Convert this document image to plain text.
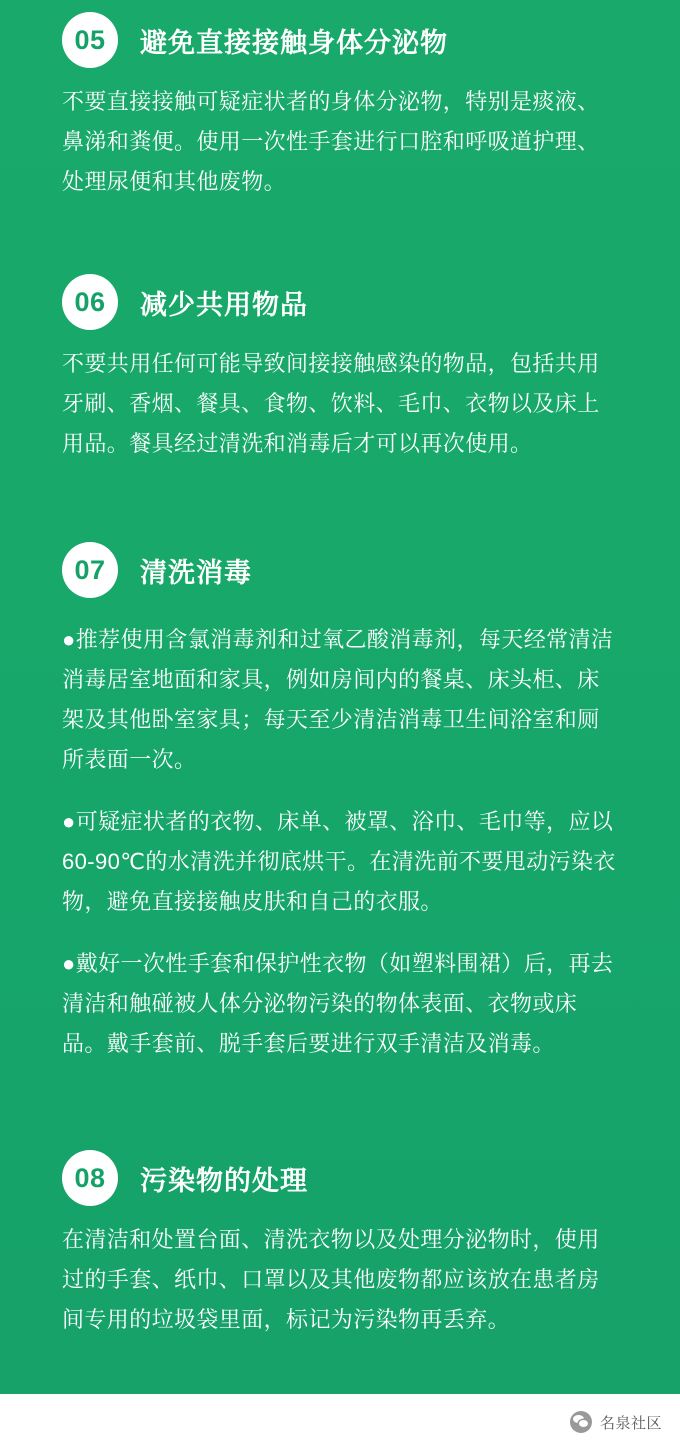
05	避免直接接触身体分泌物
不要直接接触可疑症状者的身体分泌物，特别是痰液、鼻涕和粪便。使用一次性手套进行口腔和呼吸道护理、处理尿便和其他废物。
06	减少共用物品
不要共用任何可能导致间接接触感染的物品，包括共用牙刷、香烟、餐具、食物、饮料、毛巾、衣物以及床上用品。餐具经过清洗和消毒后才可以再次使用。
07	清洗消毒
●推荐使用含氯消毒剂和过氧乙酸消毒剂，每天经常清洁消毒居室地面和家具，例如房间内的餐桌、床头柜、床架及其他卧室家具；每天至少清洁消毒卫生间浴室和厕所表面一次。
●可疑症状者的衣物、床单、被罩、浴巾、毛巾等，应以60-90℃的水清洗并彻底烘干。在清洗前不要甩动污染衣物，避免直接接触皮肤和自己的衣服。
●戴好一次性手套和保护性衣物（如塑料围裙）后，再去清洁和触碰被人体分泌物污染的物体表面、衣物或床品。戴手套前、脱手套后要进行双手清洁及消毒。
08	污染物的处理
在清洁和处置台面、清洗衣物以及处理分泌物时，使用过的手套、纸巾、口罩以及其他废物都应该放在患者房间专用的垃圾袋里面，标记为污染物再丢弃。
名泉社区
